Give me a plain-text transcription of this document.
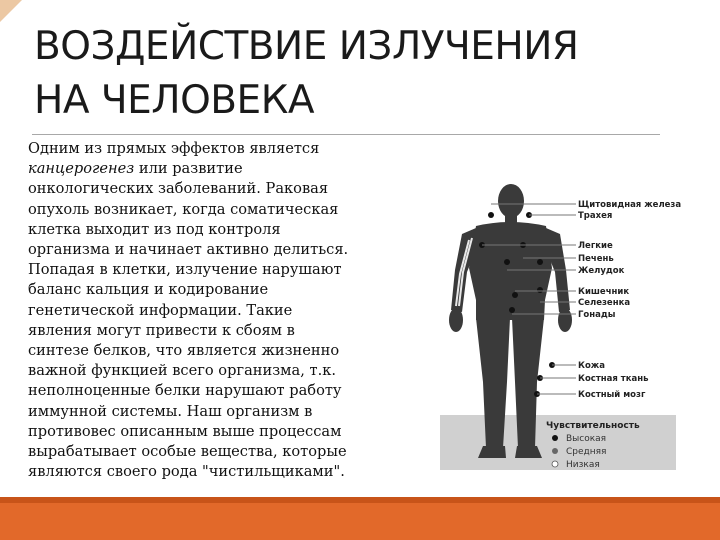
ВОЗДЕЙСТВИЕ ИЗЛУЧЕНИЯ
НА ЧЕЛОВЕКА
Одним из прямых эффектов является
канцерогенез или развитие
онкологических заболеваний. Раковая
опухоль возникает, когда соматическая
клетка выходит из под контроля
организма и начинает активно делиться.
Попадая в клетки, излучение нарушают
баланс кальция и кодирование
генетической информации. Такие
явления могут привести к сбоям в
синтезе белков, что является жизненно
важной функцией всего организма, т.к.
неполноценные белки нарушают работу
иммунной системы. Наш организм в
противовес описанным выше процессам
вырабатывает особые вещества, которые
являются своего рода "чистильщиками".
Щитовидная железа
Трахея
Легкие
Печень
Желудок
Кишечник
Селезенка
Гонады
Кожа
Костная ткань
Костный мозг
Чувствительность
Высокая
Средняя
Низкая
